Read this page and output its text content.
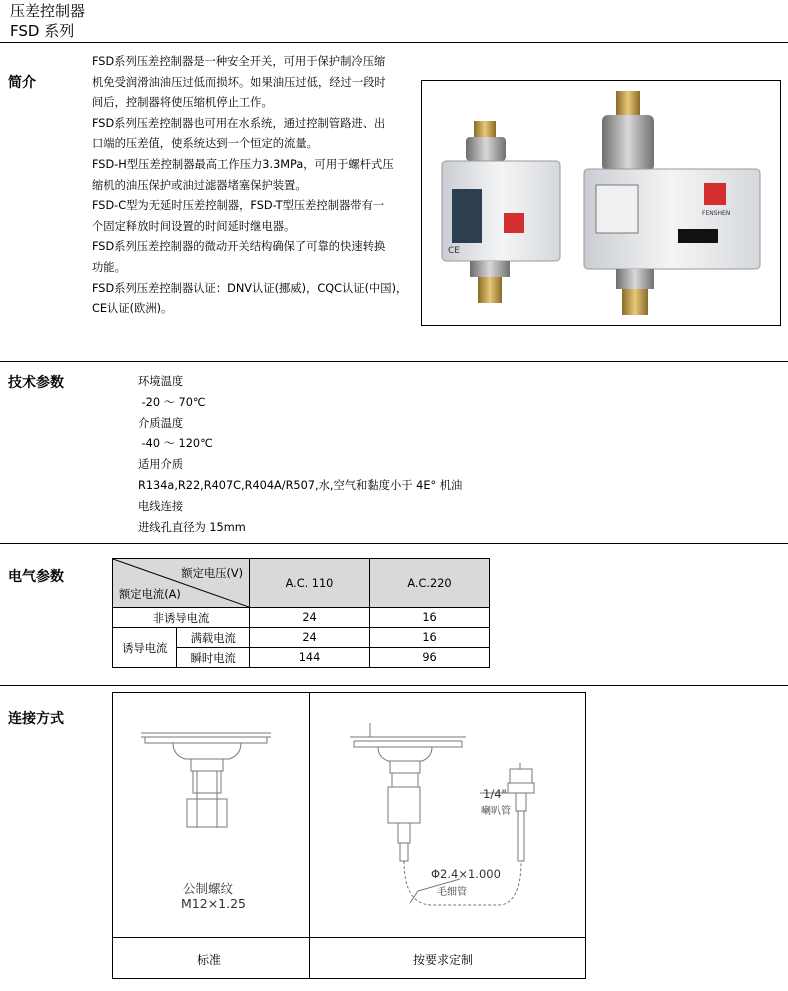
压差控制器
FSD 系列
简介

FSD系列压差控制器是一种安全开关，可用于保护制冷压缩

机免受润滑油油压过低而损坏。如果油压过低，经过一段时

间后，控制器将使压缩机停止工作。

FSD系列压差控制器也可用在水系统，通过控制管路进、出

口端的压差值，使系统达到一个恒定的流量。

FSD-H型压差控制器最高工作压力3.3MPa，可用于螺杆式压

缩机的油压保护或油过滤器堵塞保护装置。

FSD-C型为无延时压差控制器，FSD-T型压差控制器带有一

个固定释放时间设置的时间延时继电器。

FSD系列压差控制器的微动开关结构确保了可靠的快速转换

功能。

FSD系列压差控制器认证：DNV认证(挪威)，CQC认证(中国)，

CE认证(欧洲)。

CE
FENSHEN
技术参数	环境温度
-20 ～ 70℃
介质温度
-40 ～ 120℃
适用介质
R134a,R22,R407C,R404A/R507,水,空气和黏度小于 4E° 机油
电线连接
进线孔直径为 15mm
电气参数	额定电压(V)
额定电流(A)		A.C. 110	A.C.220
非诱导电流		24	16
诱导电流	满载电流	24	16
	瞬时电流	144	96
连接方式
公制螺纹
M12×1.25
1/4"
喇叭管
Φ2.4×1.000
毛细管
标准	按要求定制
